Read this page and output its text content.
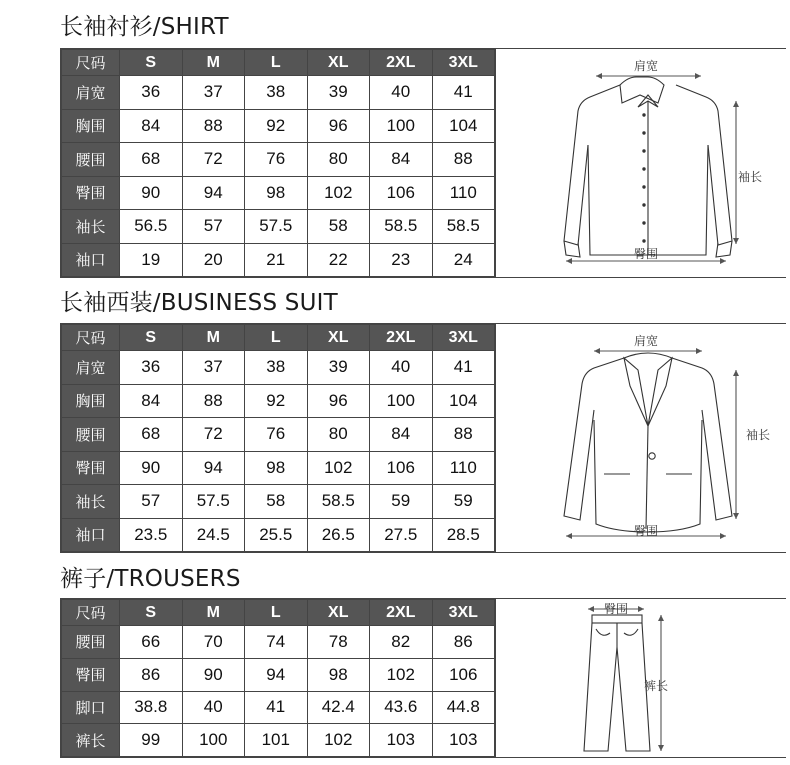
长袖衬衫/SHIRT
尺码	S	M	L	XL	2XL	3XL
肩宽	36	37	38	39	40	41
胸围	84	88	92	96	100	104
腰围	68	72	76	80	84	88
臀围	90	94	98	102	106	110
袖长	56.5	57	57.5	58	58.5	58.5
袖口	19	20	21	22	23	24
肩宽
袖长
臀围
长袖西装/BUSINESS SUIT
尺码	S	M	L	XL	2XL	3XL
肩宽	36	37	38	39	40	41
胸围	84	88	92	96	100	104
腰围	68	72	76	80	84	88
臀围	90	94	98	102	106	110
袖长	57	57.5	58	58.5	59	59
袖口	23.5	24.5	25.5	26.5	27.5	28.5
肩宽
袖长
臀围
裤子/TROUSERS
尺码	S	M	L	XL	2XL	3XL
腰围	66	70	74	78	82	86
臀围	86	90	94	98	102	106
脚口	38.8	40	41	42.4	43.6	44.8
裤长	99	100	101	102	103	103
臀围
裤长
